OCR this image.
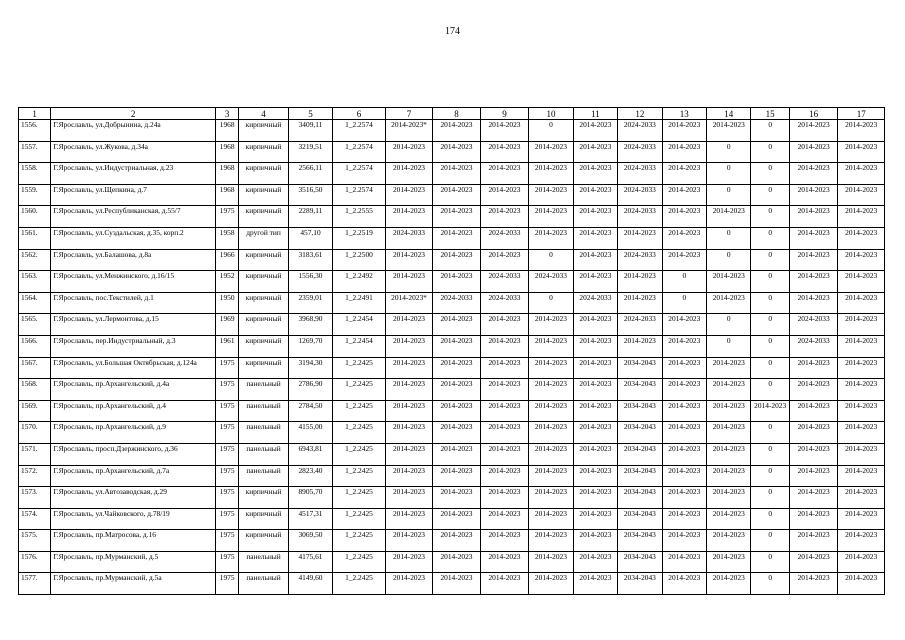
174
1	2	3	4	5	6	7	8	9	10	11	12	13	14	15	16	17
1556.	Г.Ярославль, ул.Добрынина, д.24а	1968	кирпичный	3409,11	1_2.2574	2014-2023*	2014-2023	2014-2023	0	2014-2023	2024-2033	2014-2023	2014-2023	0	2014-2023	2014-2023
1557.	Г.Ярославль, ул.Жукова, д.34а	1968	кирпичный	3219,51	1_2.2574	2014-2023	2014-2023	2014-2023	2014-2023	2014-2023	2024-2033	2014-2023	0	0	2014-2023	2014-2023
1558.	Г.Ярославль, ул.Индустриальная, д.23	1968	кирпичный	2566,11	1_2.2574	2014-2023	2014-2023	2014-2023	2014-2023	2014-2023	2024-2033	2014-2023	0	0	2014-2023	2014-2023
1559.	Г.Ярославль, ул.Щепкина, д.7	1968	кирпичный	3516,50	1_2.2574	2014-2023	2014-2023	2014-2023	2014-2023	2014-2023	2024-2033	2014-2023	0	0	2014-2023	2014-2023
1560.	Г.Ярославль, ул.Республиканская, д.55/7	1975	кирпичный	2289,11	1_2.2555	2014-2023	2014-2023	2014-2023	2014-2023	2014-2023	2024-2033	2014-2023	2014-2023	0	2014-2023	2014-2023
1561.	Г.Ярославль, ул.Суздальская, д.35, корп.2	1958	другой тип	457,10	1_2.2519	2024-2033	2014-2023	2024-2033	2014-2023	2014-2023	2014-2023	2014-2023	0	0	2014-2023	2014-2023
1562.	Г.Ярославль, ул.Балашова, д.8а	1966	кирпичный	3183,61	1_2.2500	2014-2023	2014-2023	2014-2023	0	2014-2023	2024-2033	2014-2023	0	0	2014-2023	2014-2023
1563.	Г.Ярославль, ул.Менжинского, д.16/15	1952	кирпичный	1556,30	1_2.2492	2014-2023	2014-2023	2024-2033	2024-2033	2014-2023	2014-2023	0	2014-2023	0	2014-2023	2014-2023
1564.	Г.Ярославль, пос.Текстилей, д.1	1950	кирпичный	2359,01	1_2.2491	2014-2023*	2024-2033	2024-2033	0	2024-2033	2014-2023	0	2014-2023	0	2014-2023	2014-2023
1565.	Г.Ярославль, ул.Лермонтова, д.15	1969	кирпичный	3968,90	1_2.2454	2014-2023	2014-2023	2014-2023	2014-2023	2014-2023	2024-2033	2014-2023	0	0	2024-2033	2014-2023
1566.	Г.Ярославль, пер.Индустриальный, д.3	1961	кирпичный	1269,70	1_2.2454	2014-2023	2014-2023	2014-2023	2014-2023	2014-2023	2014-2023	2014-2023	0	0	2024-2033	2014-2023
1567.	Г.Ярославль, ул.Большая Октябрьская, д.124а	1975	кирпичный	3194,30	1_2.2425	2014-2023	2014-2023	2014-2023	2014-2023	2014-2023	2034-2043	2014-2023	2014-2023	0	2014-2023	2014-2023
1568.	Г.Ярославль, пр.Архангельский, д.4а	1975	панельный	2786,90	1_2.2425	2014-2023	2014-2023	2014-2023	2014-2023	2014-2023	2034-2043	2014-2023	2014-2023	0	2014-2023	2014-2023
1569.	Г.Ярославль, пр.Архангельский, д.4	1975	панельный	2784,50	1_2.2425	2014-2023	2014-2023	2014-2023	2014-2023	2014-2023	2034-2043	2014-2023	2014-2023	2014-2023	2014-2023	2014-2023
1570.	Г.Ярославль, пр.Архангельский, д.9	1975	панельный	4155,00	1_2.2425	2014-2023	2014-2023	2014-2023	2014-2023	2014-2023	2034-2043	2014-2023	2014-2023	0	2014-2023	2014-2023
1571.	Г.Ярославль, просп.Дзержинского, д.36	1975	панельный	6943,81	1_2.2425	2014-2023	2014-2023	2014-2023	2014-2023	2014-2023	2034-2043	2014-2023	2014-2023	0	2014-2023	2014-2023
1572.	Г.Ярославль, пр.Архангельский, д.7а	1975	панельный	2823,40	1_2.2425	2014-2023	2014-2023	2014-2023	2014-2023	2014-2023	2034-2043	2014-2023	2014-2023	0	2014-2023	2014-2023
1573.	Г.Ярославль, ул.Автозаводская, д.29	1975	кирпичный	8905,70	1_2.2425	2014-2023	2014-2023	2014-2023	2014-2023	2014-2023	2034-2043	2014-2023	2014-2023	0	2014-2023	2014-2023
1574.	Г.Ярославль, ул.Чайковского, д.78/19	1975	кирпичный	4517,31	1_2.2425	2014-2023	2014-2023	2014-2023	2014-2023	2014-2023	2034-2043	2014-2023	2014-2023	0	2014-2023	2014-2023
1575.	Г.Ярославль, пр.Матросова, д.16	1975	кирпичный	3069,50	1_2.2425	2014-2023	2014-2023	2014-2023	2014-2023	2014-2023	2034-2043	2014-2023	2014-2023	0	2014-2023	2014-2023
1576.	Г.Ярославль, пр.Мурманский, д.5	1975	панельный	4175,61	1_2.2425	2014-2023	2014-2023	2014-2023	2014-2023	2014-2023	2034-2043	2014-2023	2014-2023	0	2014-2023	2014-2023
1577.	Г.Ярославль, пр.Мурманский, д.5а	1975	панельный	4149,60	1_2.2425	2014-2023	2014-2023	2014-2023	2014-2023	2014-2023	2034-2043	2014-2023	2014-2023	0	2014-2023	2014-2023
